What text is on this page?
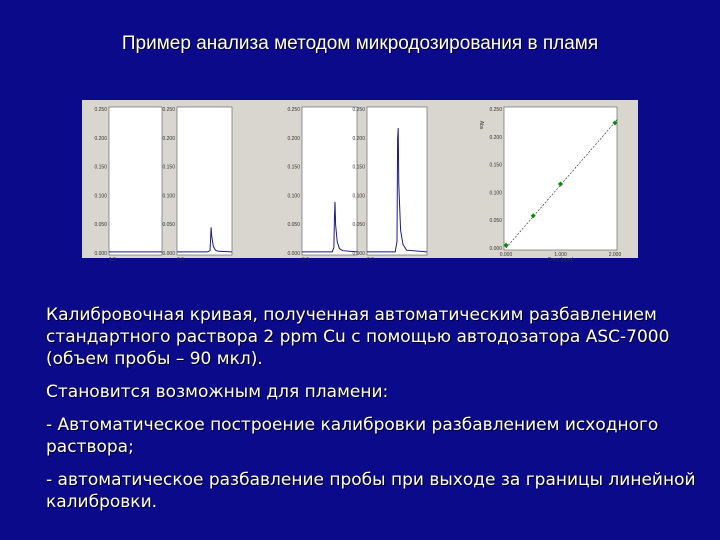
Пример анализа методом микродозирования в пламя
0.250
0.200
0.150
0.100
0.050
0.000
1.0
0.250
0.200
0.150
0.100
0.050
0.000
0.0
0.250
0.200
0.150
0.100
0.050
0.000
0.0
0.250
0.200
0.150
0.100
0.050
0.000
0.0
0.250
0.200
0.150
0.100
0.050
0.000
0.000	1.000	2.000
Conc (ppm)
Abs

Калибровочная кривая, полученная автоматическим разбавлением стандартного раствора 2 ppm Cu с помощью автодозатора ASC-7000 (объем пробы – 90 мкл).

Становится возможным для пламени:

- Автоматическое построение калибровки разбавлением исходного раствора;

- автоматическое разбавление пробы при выходе за границы линейной калибровки.
